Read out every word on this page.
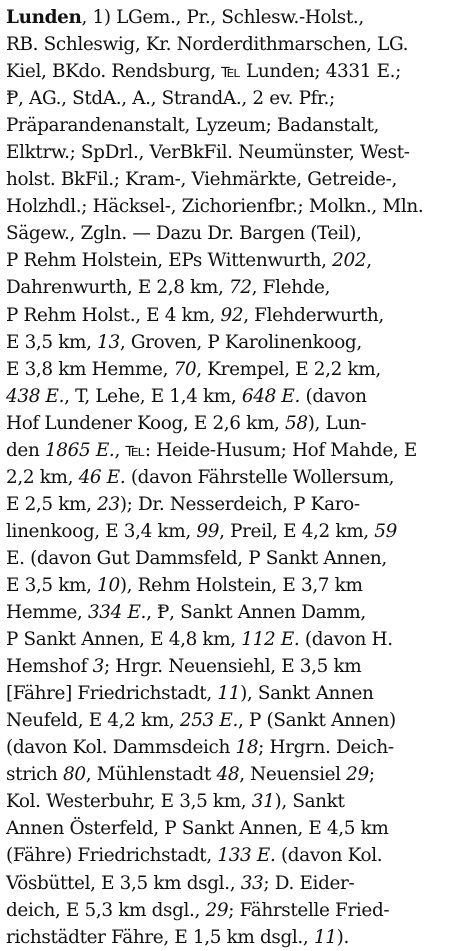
Lunden, 1) LGem., Pr., Schlesw.-Holst.,
RB. Schleswig, Kr. Norderdithmarschen, LG.
Kiel, BKdo. Rendsburg, ℡ Lunden; 4331 E.;
Ᵽ, AG., StdA., A., StrandA., 2 ev. Pfr.;
Präparandenanstalt, Lyzeum; Badanstalt,
Elktrw.; SpDrl., VerBkFil. Neumünster, West-
holst. BkFil.; Kram-, Viehmärkte, Getreide-,
Holzhdl.; Häcksel-, Zichorienfbr.; Molkn., Mln.
Sägew., Zgln. — Dazu Dr. Bargen (Teil),
P Rehm Holstein, EPs Wittenwurth, 202,
Dahrenwurth, E 2,8 km, 72, Flehde,
P Rehm Holst., E 4 km, 92, Flehderwurth,
E 3,5 km, 13, Groven, P Karolinenkoog,
E 3,8 km Hemme, 70, Krempel, E 2,2 km,
438 E., T, Lehe, E 1,4 km, 648 E. (davon
Hof Lundener Koog, E 2,6 km, 58), Lun-
den 1865 E., ℡: Heide-Husum; Hof Mahde, E
2,2 km, 46 E. (davon Fährstelle Wollersum,
E 2,5 km, 23); Dr. Nesserdeich, P Karo-
linenkoog, E 3,4 km, 99, Preil, E 4,2 km, 59
E. (davon Gut Dammsfeld, P Sankt Annen,
E 3,5 km, 10), Rehm Holstein, E 3,7 km
Hemme, 334 E., Ᵽ, Sankt Annen Damm,
P Sankt Annen, E 4,8 km, 112 E. (davon H.
Hemshof 3; Hrgr. Neuensiehl, E 3,5 km
[Fähre] Friedrichstadt, 11), Sankt Annen
Neufeld, E 4,2 km, 253 E., P (Sankt Annen)
(davon Kol. Dammsdeich 18; Hrgrn. Deich-
strich 80, Mühlenstadt 48, Neuensiel 29;
Kol. Westerbuhr, E 3,5 km, 31), Sankt
Annen Österfeld, P Sankt Annen, E 4,5 km
(Fähre) Friedrichstadt, 133 E. (davon Kol.
Vösbüttel, E 3,5 km dsgl., 33; D. Eider-
deich, E 5,3 km dsgl., 29; Fährstelle Fried-
richstädter Fähre, E 1,5 km dsgl., 11).
